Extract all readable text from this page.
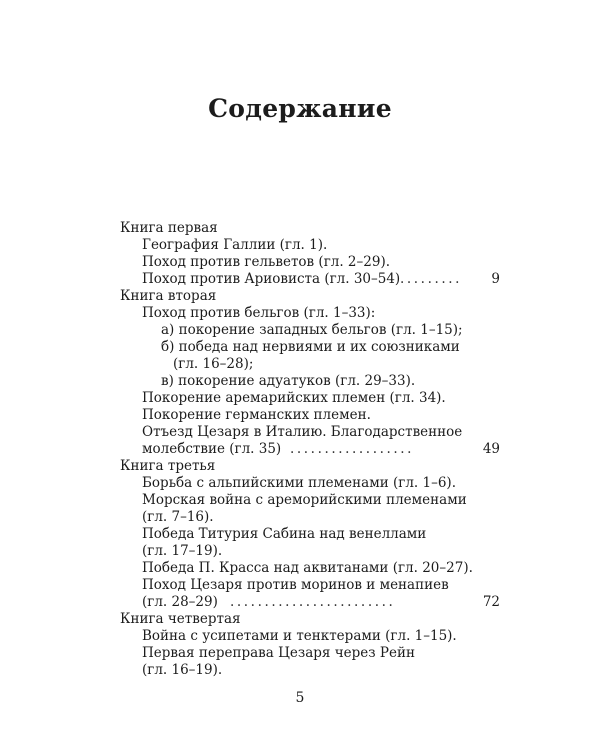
Содержание
Книга первая
География Галлии (гл. 1).
Поход против гельветов (гл. 2–29).
Поход против Ариовиста (гл. 30–54) .........	9
Книга вторая
Поход против бельгов (гл. 1–33):
а) покорение западных бельгов (гл. 1–15);
б) победа над нервиями и их союзниками
(гл. 16–28);
в) покорение адуатуков (гл. 29–33).
Покорение аремарийских племен (гл. 34).
Покорение германских племен.
Отъезд Цезаря в Италию. Благодарственное
молебствие (гл. 35) ..................	49
Книга третья
Борьба с альпийскими племенами (гл. 1–6).
Морская война с ареморийскими племенами
(гл. 7–16).
Победа Титурия Сабина над венеллами
(гл. 17–19).
Победа П. Красса над аквитанами (гл. 20–27).
Поход Цезаря против моринов и менапиев
(гл. 28–29) ........................	72
Книга четвертая
Война с усипетами и тенктерами (гл. 1–15).
Первая переправа Цезаря через Рейн
(гл. 16–19).
5
